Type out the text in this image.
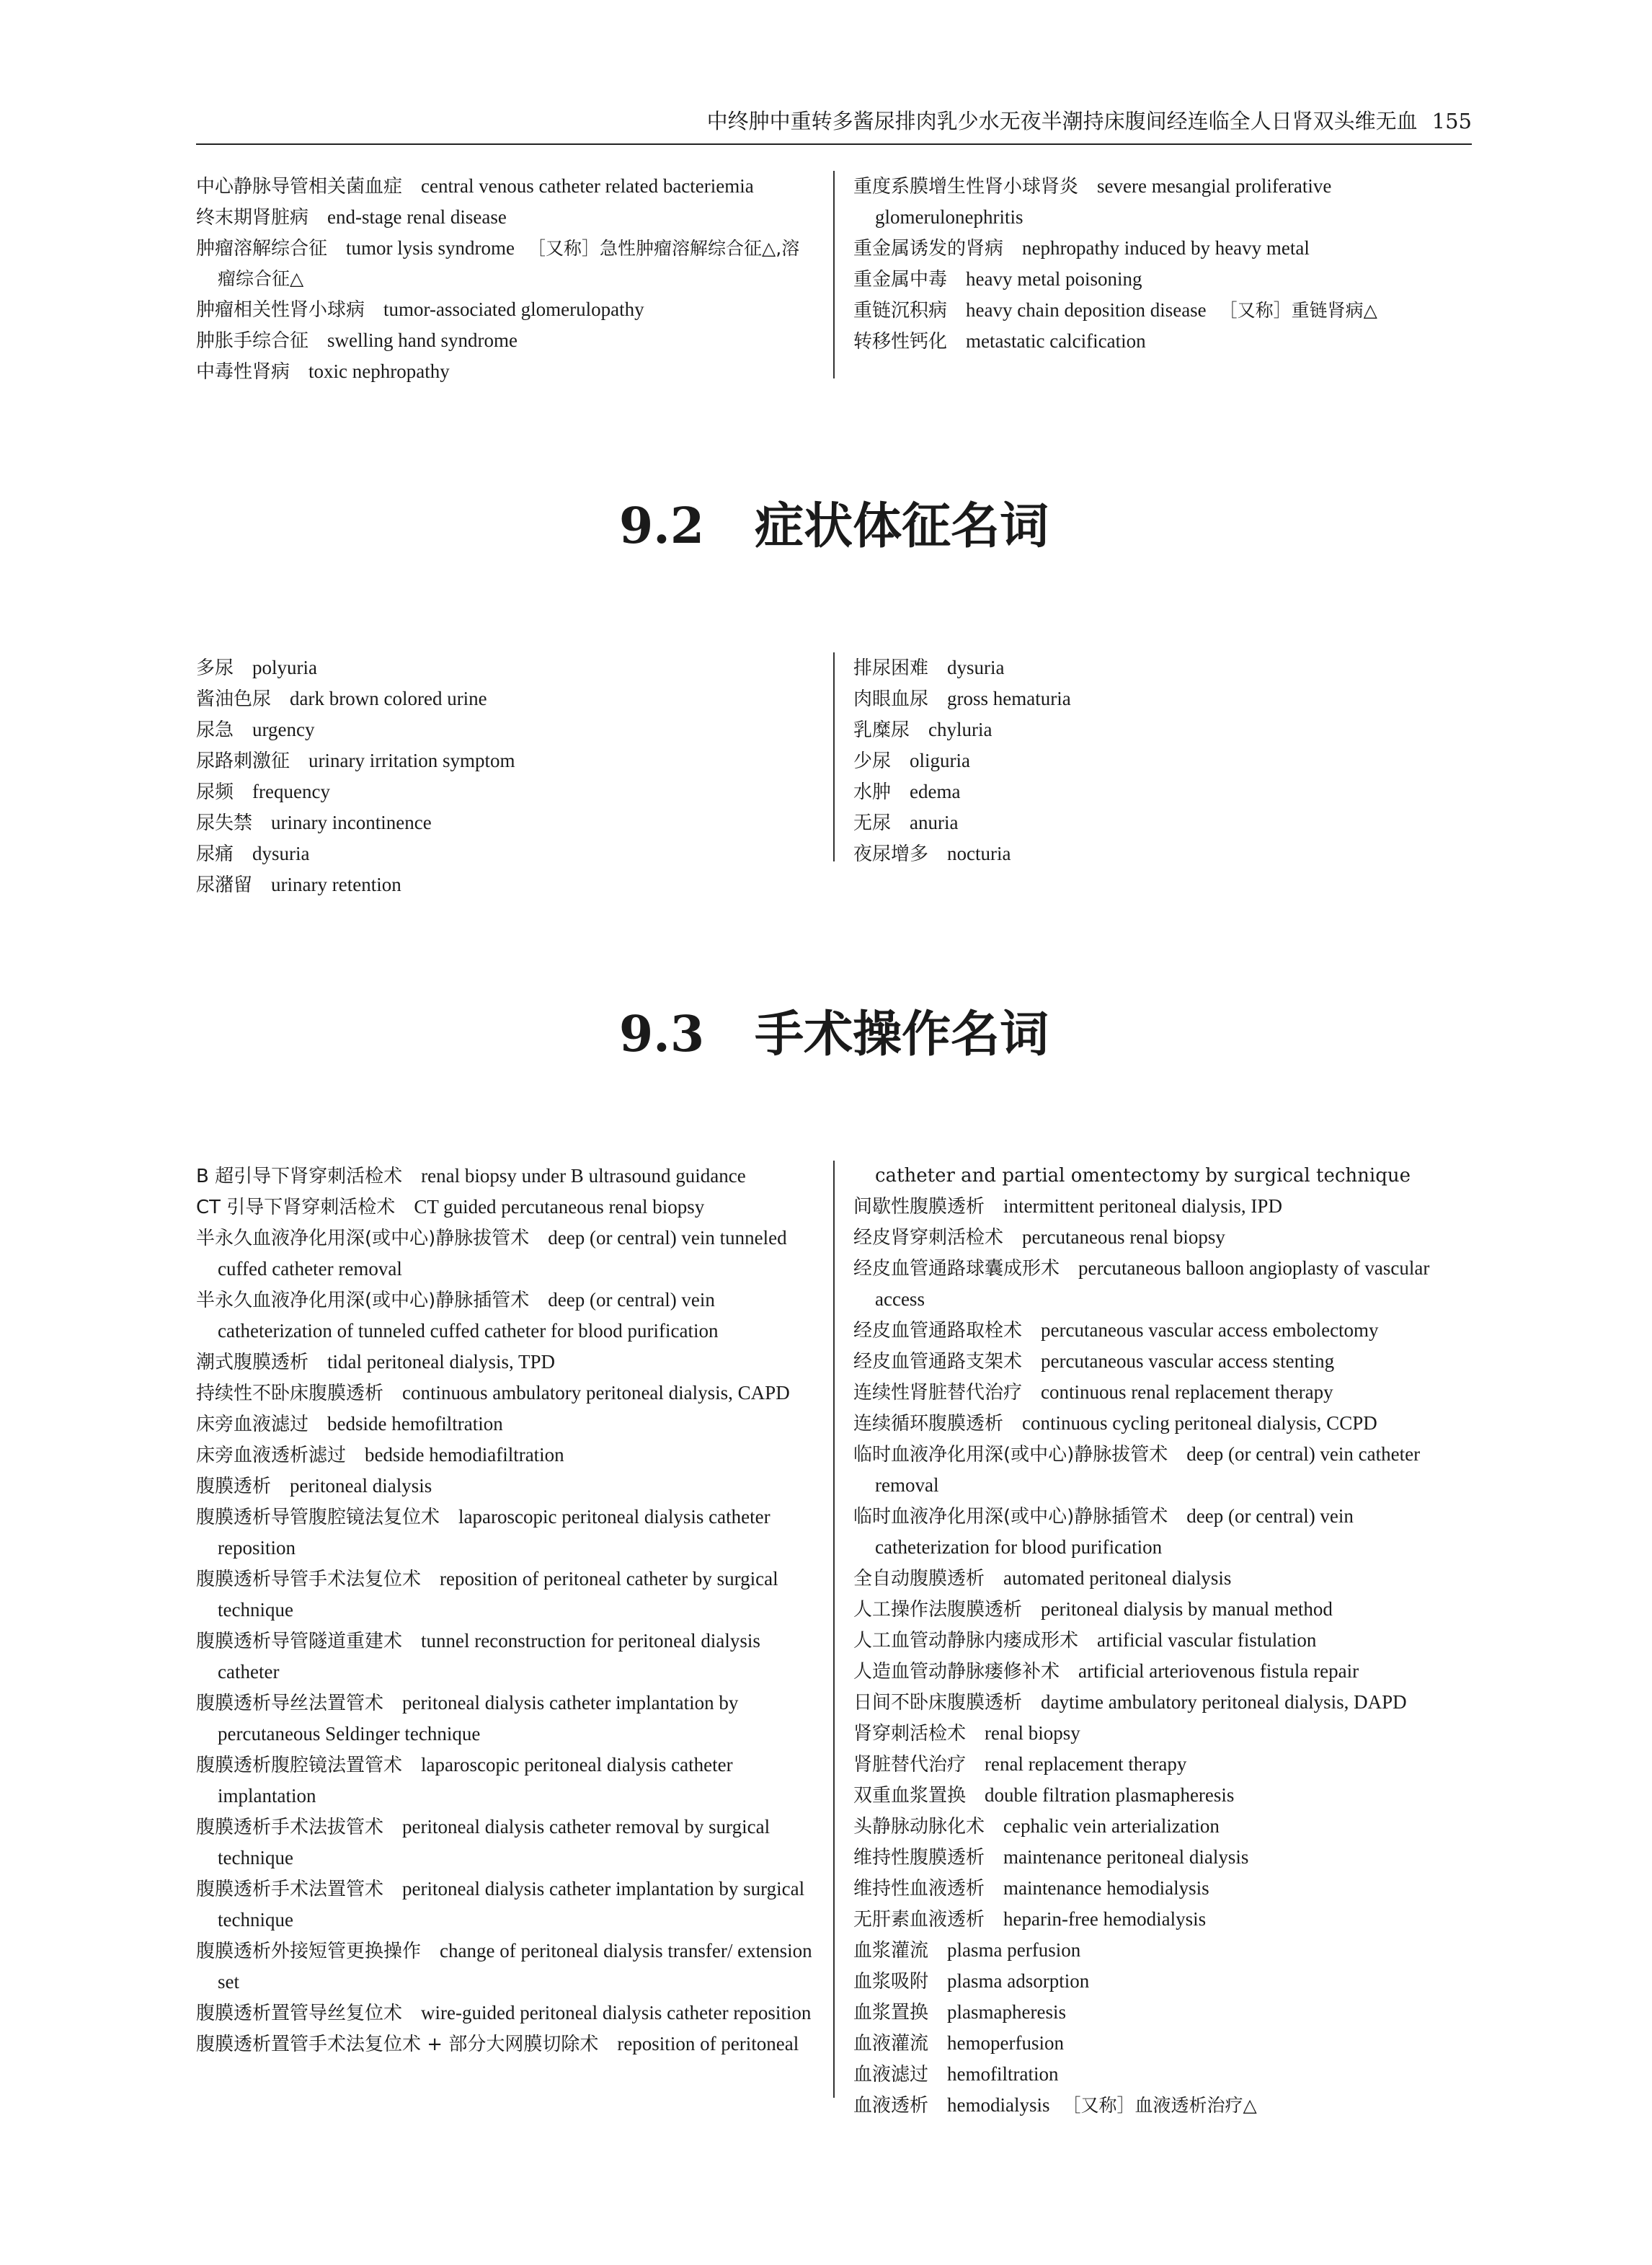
中终肿中重转多酱尿排肉乳少水无夜半潮持床腹间经连临全人日肾双头维无血 155

中心静脉导管相关菌血症 central venous catheter related bacteriemia

终末期肾脏病 end-stage renal disease

肿瘤溶解综合征 tumor lysis syndrome ［又称］急性肿瘤溶解综合征△,溶瘤综合征△

肿瘤相关性肾小球病 tumor-associated glomerulopathy

肿胀手综合征 swelling hand syndrome

中毒性肾病 toxic nephropathy

重度系膜增生性肾小球肾炎 severe mesangial proliferative glomerulonephritis

重金属诱发的肾病 nephropathy induced by heavy metal

重金属中毒 heavy metal poisoning

重链沉积病 heavy chain deposition disease ［又称］重链肾病△

转移性钙化 metastatic calcification

9.2 症状体征名词

多尿 polyuria

酱油色尿 dark brown colored urine

尿急 urgency

尿路刺激征 urinary irritation symptom

尿频 frequency

尿失禁 urinary incontinence

尿痛 dysuria

尿潴留 urinary retention

排尿困难 dysuria

肉眼血尿 gross hematuria

乳糜尿 chyluria

少尿 oliguria

水肿 edema

无尿 anuria

夜尿增多 nocturia

9.3 手术操作名词

B 超引导下肾穿刺活检术 renal biopsy under B ultrasound guidance

CT 引导下肾穿刺活检术 CT guided percutaneous renal biopsy

半永久血液净化用深(或中心)静脉拔管术 deep (or central) vein tunneled cuffed catheter removal

半永久血液净化用深(或中心)静脉插管术 deep (or central) vein catheterization of tunneled cuffed catheter for blood purification

潮式腹膜透析 tidal peritoneal dialysis, TPD

持续性不卧床腹膜透析 continuous ambulatory peritoneal dialysis, CAPD

床旁血液滤过 bedside hemofiltration

床旁血液透析滤过 bedside hemodiafiltration

腹膜透析 peritoneal dialysis

腹膜透析导管腹腔镜法复位术 laparoscopic peritoneal dialysis catheter reposition

腹膜透析导管手术法复位术 reposition of peritoneal catheter by surgical technique

腹膜透析导管隧道重建术 tunnel reconstruction for peritoneal dialysis catheter

腹膜透析导丝法置管术 peritoneal dialysis catheter implantation by percutaneous Seldinger technique

腹膜透析腹腔镜法置管术 laparoscopic peritoneal dialysis catheter implantation

腹膜透析手术法拔管术 peritoneal dialysis catheter removal by surgical technique

腹膜透析手术法置管术 peritoneal dialysis catheter implantation by surgical technique

腹膜透析外接短管更换操作 change of peritoneal dialysis transfer/ extension set

腹膜透析置管导丝复位术 wire-guided peritoneal dialysis catheter reposition

腹膜透析置管手术法复位术 + 部分大网膜切除术 reposition of peritoneal

catheter and partial omentectomy by surgical technique

间歇性腹膜透析 intermittent peritoneal dialysis, IPD

经皮肾穿刺活检术 percutaneous renal biopsy

经皮血管通路球囊成形术 percutaneous balloon angioplasty of vascular access

经皮血管通路取栓术 percutaneous vascular access embolectomy

经皮血管通路支架术 percutaneous vascular access stenting

连续性肾脏替代治疗 continuous renal replacement therapy

连续循环腹膜透析 continuous cycling peritoneal dialysis, CCPD

临时血液净化用深(或中心)静脉拔管术 deep (or central) vein catheter removal

临时血液净化用深(或中心)静脉插管术 deep (or central) vein catheterization for blood purification

全自动腹膜透析 automated peritoneal dialysis

人工操作法腹膜透析 peritoneal dialysis by manual method

人工血管动静脉内瘘成形术 artificial vascular fistulation

人造血管动静脉瘘修补术 artificial arteriovenous fistula repair

日间不卧床腹膜透析 daytime ambulatory peritoneal dialysis, DAPD

肾穿刺活检术 renal biopsy

肾脏替代治疗 renal replacement therapy

双重血浆置换 double filtration plasmapheresis

头静脉动脉化术 cephalic vein arterialization

维持性腹膜透析 maintenance peritoneal dialysis

维持性血液透析 maintenance hemodialysis

无肝素血液透析 heparin-free hemodialysis

血浆灌流 plasma perfusion

血浆吸附 plasma adsorption

血浆置换 plasmapheresis

血液灌流 hemoperfusion

血液滤过 hemofiltration

血液透析 hemodialysis ［又称］血液透析治疗△
